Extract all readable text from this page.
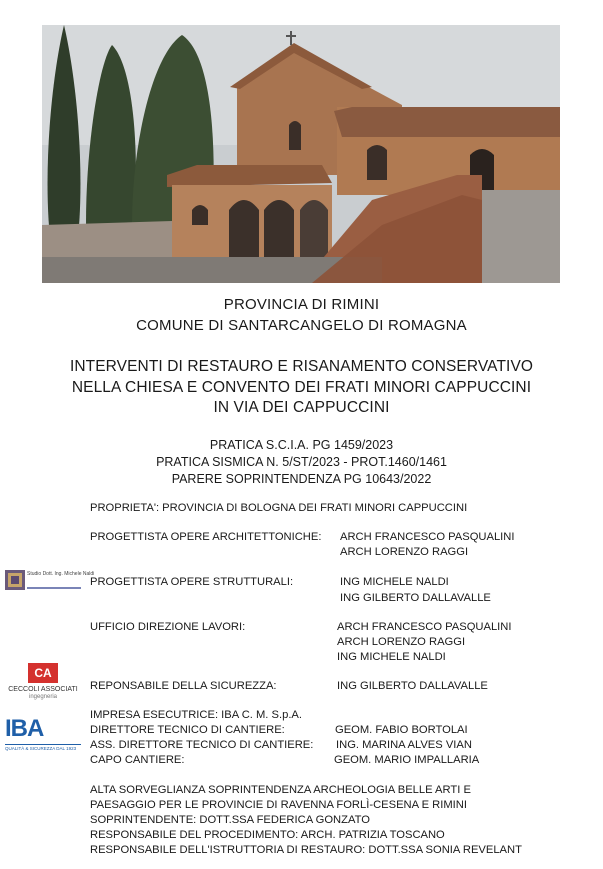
PROVINCIA DI RIMINI
COMUNE DI SANTARCANGELO DI ROMAGNA
INTERVENTI DI RESTAURO E RISANAMENTO CONSERVATIVO
NELLA CHIESA E CONVENTO DEI FRATI MINORI CAPPUCCINI
IN VIA DEI CAPPUCCINI
PRATICA S.C.I.A. PG 1459/2023
PRATICA SISMICA N. 5/ST/2023 - PROT.1460/1461
PARERE SOPRINTENDENZA PG 10643/2022
PROPRIETA': PROVINCIA DI BOLOGNA DEI FRATI MINORI CAPPUCCINI
PROGETTISTA OPERE ARCHITETTONICHE: ARCH FRANCESCO PASQUALINI
ARCH LORENZO RAGGI
Studio Dott. Ing. Michele Naldi
PROGETTISTA OPERE STRUTTURALI:	ING MICHELE NALDI
ING GILBERTO DALLAVALLE
UFFICIO DIREZIONE LAVORI:	ARCH FRANCESCO PASQUALINI
ARCH LORENZO RAGGI
ING MICHELE NALDI
CA
CECCOLI ASSOCIATI
ingegneria
REPONSABILE DELLA SICUREZZA:	ING GILBERTO DALLAVALLE
IBA
QUALITÀ & SICUREZZA DAL 1923
IMPRESA ESECUTRICE: IBA C. M. S.p.A.
DIRETTORE TECNICO DI CANTIERE:	GEOM. FABIO BORTOLAI
ASS. DIRETTORE TECNICO DI CANTIERE: ING. MARINA ALVES VIAN
CAPO CANTIERE:	GEOM. MARIO IMPALLARIA
ALTA SORVEGLIANZA SOPRINTENDENZA ARCHEOLOGIA BELLE ARTI E
PAESAGGIO PER LE PROVINCIE DI RAVENNA FORLÌ-CESENA E RIMINI
SOPRINTENDENTE: DOTT.SSA FEDERICA GONZATO
RESPONSABILE DEL PROCEDIMENTO: ARCH. PATRIZIA TOSCANO
RESPONSABILE DELL'ISTRUTTORIA DI RESTAURO: DOTT.SSA SONIA REVELANT
